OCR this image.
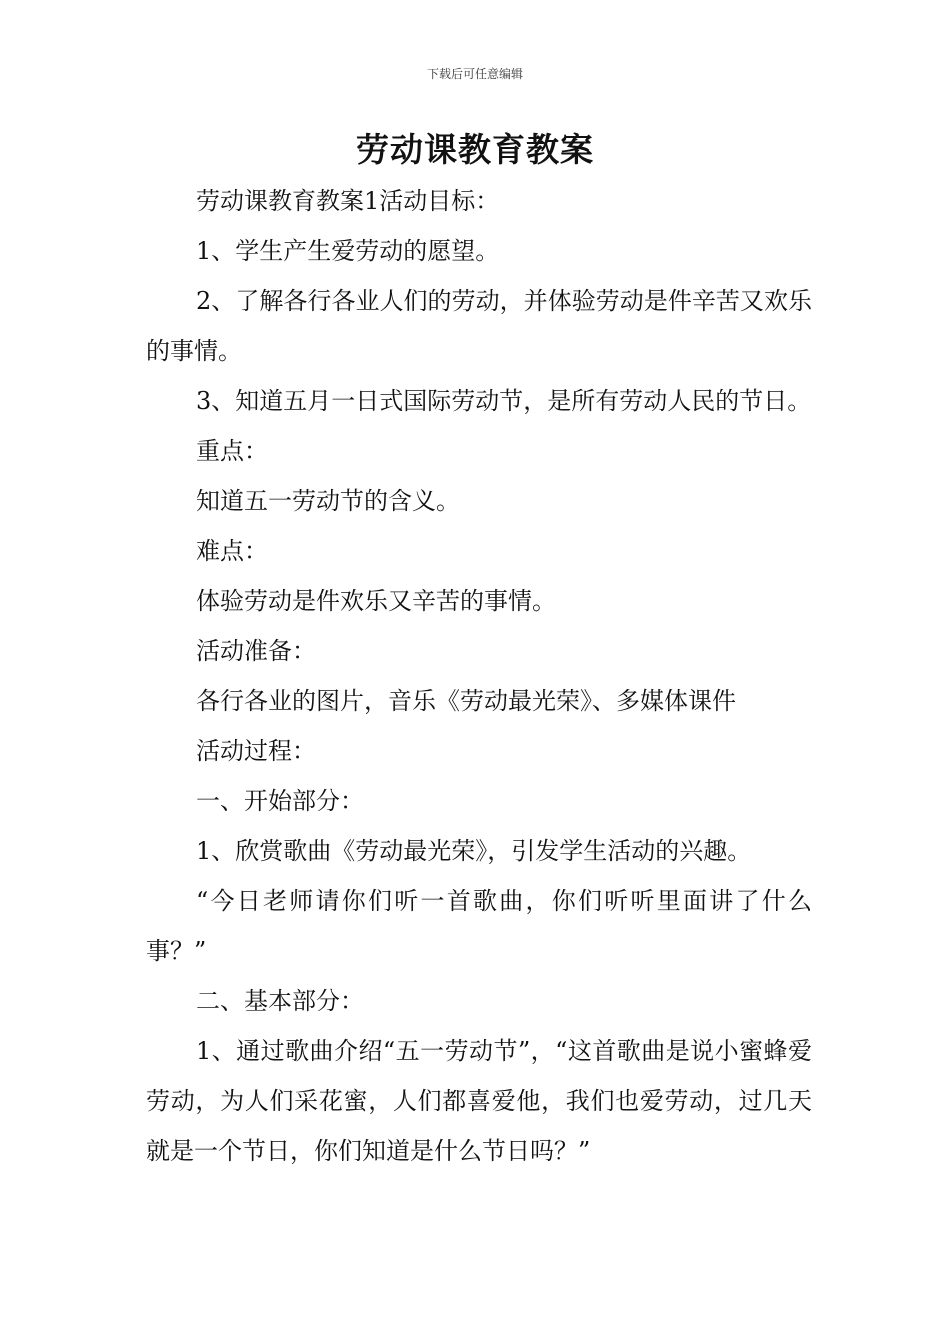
下载后可任意编辑
劳动课教育教案

劳动课教育教案1活动目标：

1、学生产生爱劳动的愿望。

2、了解各行各业人们的劳动，并体验劳动是件辛苦又欢乐的事情。

3、知道五月一日式国际劳动节，是所有劳动人民的节日。

重点：

知道五一劳动节的含义。

难点：

体验劳动是件欢乐又辛苦的事情。

活动准备：

各行各业的图片，音乐《劳动最光荣》、多媒体课件

活动过程：

一、开始部分：

1、欣赏歌曲《劳动最光荣》，引发学生活动的兴趣。

“今日老师请你们听一首歌曲，你们听听里面讲了什么事？”

二、基本部分：

1、通过歌曲介绍“五一劳动节”，“这首歌曲是说小蜜蜂爱劳动，为人们采花蜜，人们都喜爱他，我们也爱劳动，过几天就是一个节日，你们知道是什么节日吗？”
